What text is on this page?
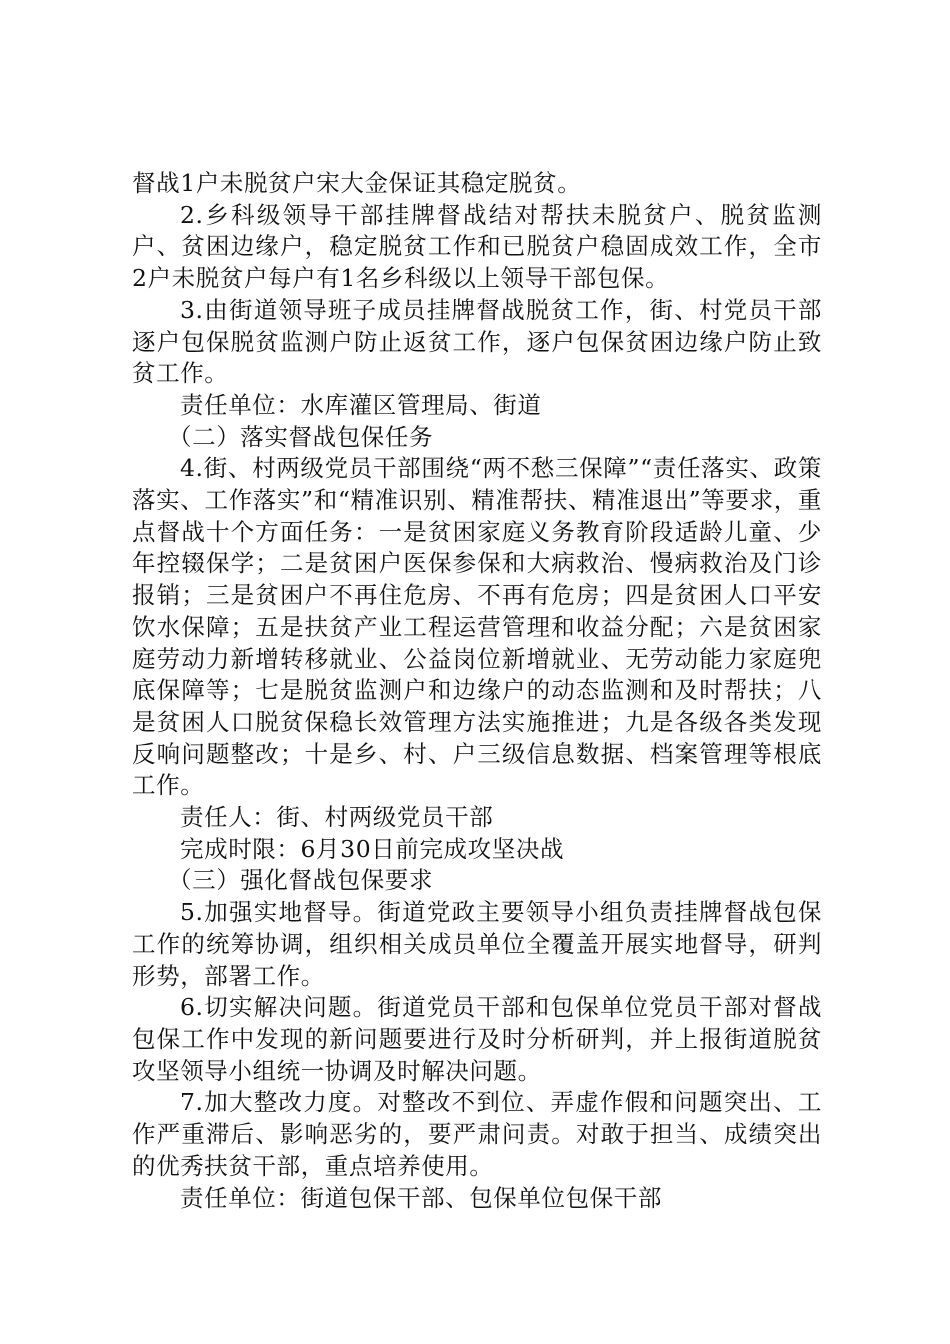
督战1户未脱贫户宋大金保证其稳定脱贫。

2.乡科级领导干部挂牌督战结对帮扶未脱贫户、脱贫监测户、贫困边缘户，稳定脱贫工作和已脱贫户稳固成效工作，全市2户未脱贫户每户有1名乡科级以上领导干部包保。

3.由街道领导班子成员挂牌督战脱贫工作，街、村党员干部逐户包保脱贫监测户防止返贫工作，逐户包保贫困边缘户防止致贫工作。

责任单位：水库灌区管理局、街道

（二）落实督战包保任务

4.街、村两级党员干部围绕“两不愁三保障”“责任落实、政策落实、工作落实”和“精准识别、精准帮扶、精准退出”等要求，重点督战十个方面任务：一是贫困家庭义务教育阶段适龄儿童、少年控辍保学；二是贫困户医保参保和大病救治、慢病救治及门诊报销；三是贫困户不再住危房、不再有危房；四是贫困人口平安饮水保障；五是扶贫产业工程运营管理和收益分配；六是贫困家庭劳动力新增转移就业、公益岗位新增就业、无劳动能力家庭兜底保障等；七是脱贫监测户和边缘户的动态监测和及时帮扶；八是贫困人口脱贫保稳长效管理方法实施推进；九是各级各类发现反响问题整改；十是乡、村、户三级信息数据、档案管理等根底工作。

责任人：街、村两级党员干部

完成时限：6月30日前完成攻坚决战

（三）强化督战包保要求

5.加强实地督导。街道党政主要领导小组负责挂牌督战包保工作的统筹协调，组织相关成员单位全覆盖开展实地督导，研判形势，部署工作。

6.切实解决问题。街道党员干部和包保单位党员干部对督战包保工作中发现的新问题要进行及时分析研判，并上报街道脱贫攻坚领导小组统一协调及时解决问题。

7.加大整改力度。对整改不到位、弄虚作假和问题突出、工作严重滞后、影响恶劣的，要严肃问责。对敢于担当、成绩突出的优秀扶贫干部，重点培养使用。

责任单位：街道包保干部、包保单位包保干部
